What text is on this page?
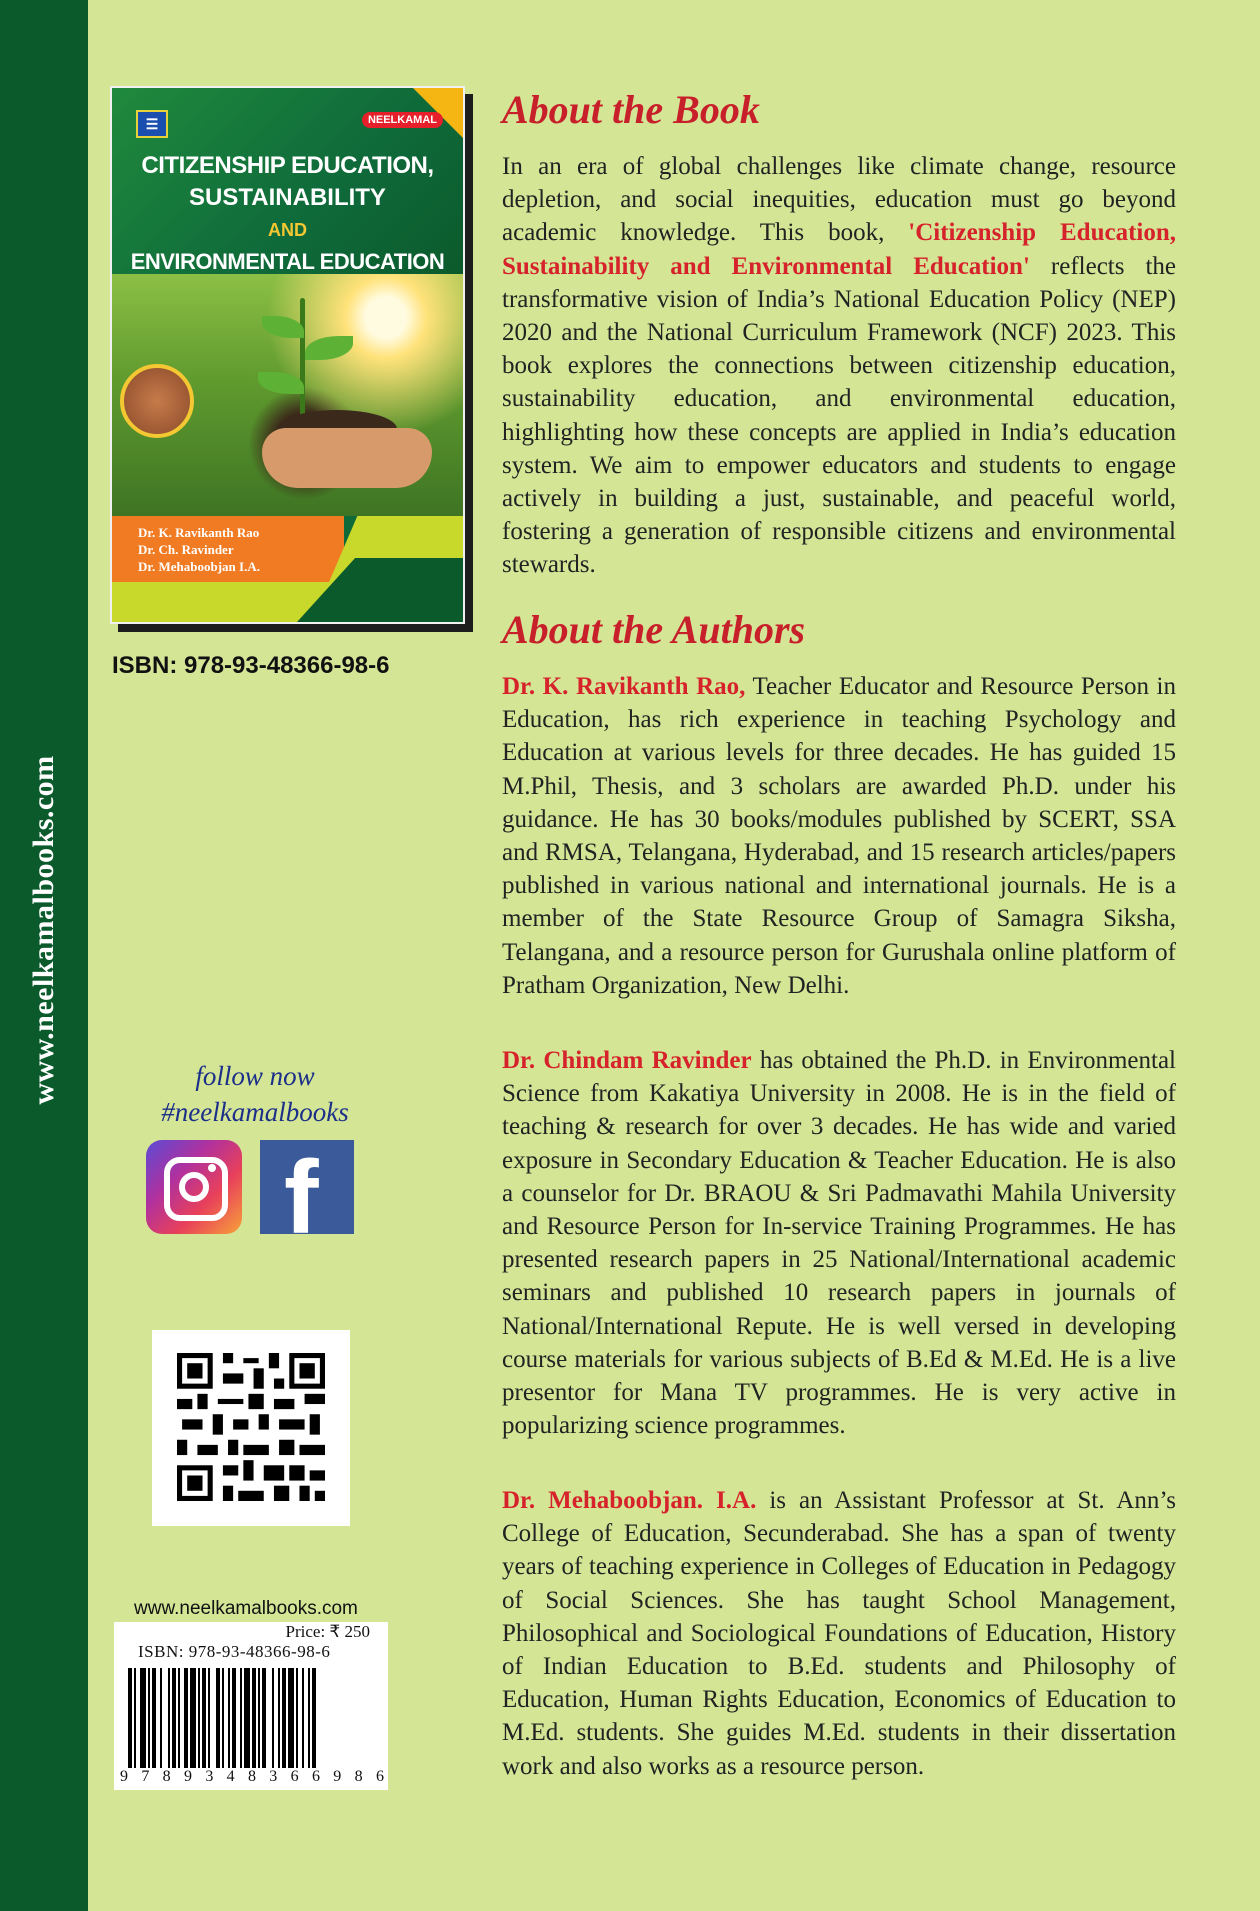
www.neelkamalbooks.com
☰	NEELKAMAL
CITIZENSHIP EDUCATION,
SUSTAINABILITY
AND
ENVIRONMENTAL EDUCATION
Dr. K. Ravikanth Rao
Dr. Ch. Ravinder
Dr. Mehaboobjan I.A.
ISBN: 978-93-48366-98-6
follow now
#neelkamalbooks
f
www.neelkamalbooks.com
Price: ₹ 250
ISBN: 978-93-48366-98-6
9 7 8 9 3 4 8 3 6 6 9 8 6
About the Book
In an era of global challenges like climate change, resource depletion, and social inequities, education must go beyond academic knowledge. This book, 'Citizenship Education, Sustainability and Environmental Education' reflects the transformative vision of India’s National Education Policy (NEP) 2020 and the National Curriculum Framework (NCF) 2023. This book explores the connections between citizenship education, sustainability education, and environmental education, highlighting how these concepts are applied in India’s education system. We aim to empower educators and students to engage actively in building a just, sustainable, and peaceful world, fostering a generation of responsible citizens and environmental stewards.
About the Authors
Dr. K. Ravikanth Rao, Teacher Educator and Resource Person in Education, has rich experience in teaching Psychology and Education at various levels for three decades. He has guided 15 M.Phil, Thesis, and 3 scholars are awarded Ph.D. under his guidance. He has 30 books/modules published by SCERT, SSA and RMSA, Telangana, Hyderabad, and 15 research articles/papers published in various national and international journals. He is a member of the State Resource Group of Samagra Siksha, Telangana, and a resource person for Gurushala online platform of Pratham Organization, New Delhi.
Dr. Chindam Ravinder has obtained the Ph.D. in Environmental Science from Kakatiya University in 2008. He is in the field of teaching & research for over 3 decades. He has wide and varied exposure in Secondary Education & Teacher Education. He is also a counselor for Dr. BRAOU & Sri Padmavathi Mahila University and Resource Person for In-service Training Programmes. He has presented research papers in 25 National/International academic seminars and published 10 research papers in journals of National/International Repute. He is well versed in developing course materials for various subjects of B.Ed & M.Ed. He is a live presentor for Mana TV programmes. He is very active in popularizing science programmes.
Dr. Mehaboobjan. I.A. is an Assistant Professor at St. Ann’s College of Education, Secunderabad. She has a span of twenty years of teaching experience in Colleges of Education in Pedagogy of Social Sciences. She has taught School Management, Philosophical and Sociological Foundations of Education, History of Indian Education to B.Ed. students and Philosophy of Education, Human Rights Education, Economics of Education to M.Ed. students. She guides M.Ed. students in their dissertation work and also works as a resource person.
